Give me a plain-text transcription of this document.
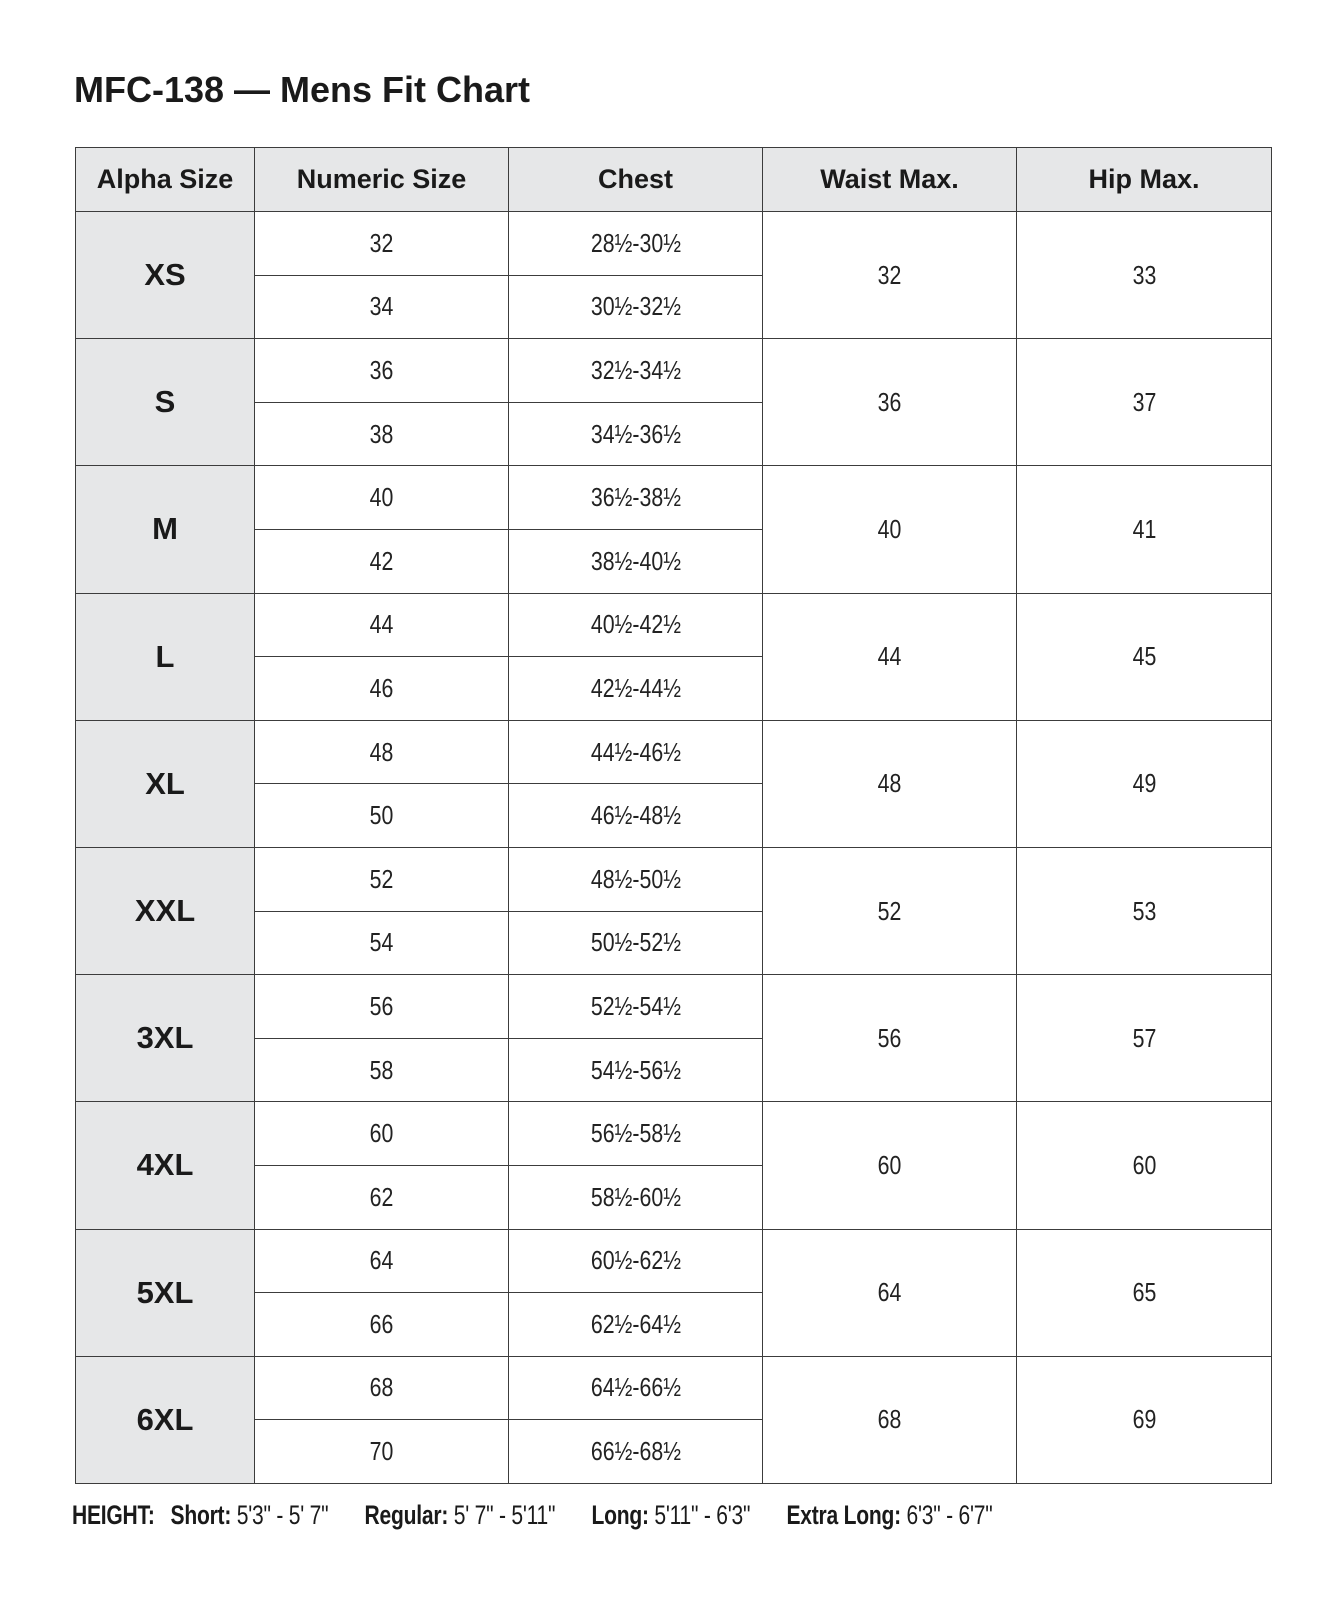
MFC-138 — Mens Fit Chart
Alpha Size	Numeric Size	Chest	Waist Max.	Hip Max.
XS	32	28½-30½	32	33
	34	30½-32½		
S	36	32½-34½	36	37
	38	34½-36½		
M	40	36½-38½	40	41
	42	38½-40½		
L	44	40½-42½	44	45
	46	42½-44½		
XL	48	44½-46½	48	49
	50	46½-48½		
XXL	52	48½-50½	52	53
	54	50½-52½		
3XL	56	52½-54½	56	57
	58	54½-56½		
4XL	60	56½-58½	60	60
	62	58½-60½		
5XL	64	60½-62½	64	65
	66	62½-64½		
6XL	68	64½-66½	68	69
	70	66½-68½		
HEIGHT: Short: 5'3" - 5' 7" Regular: 5' 7" - 5'11" Long: 5'11" - 6'3" Extra Long: 6'3" - 6'7"
